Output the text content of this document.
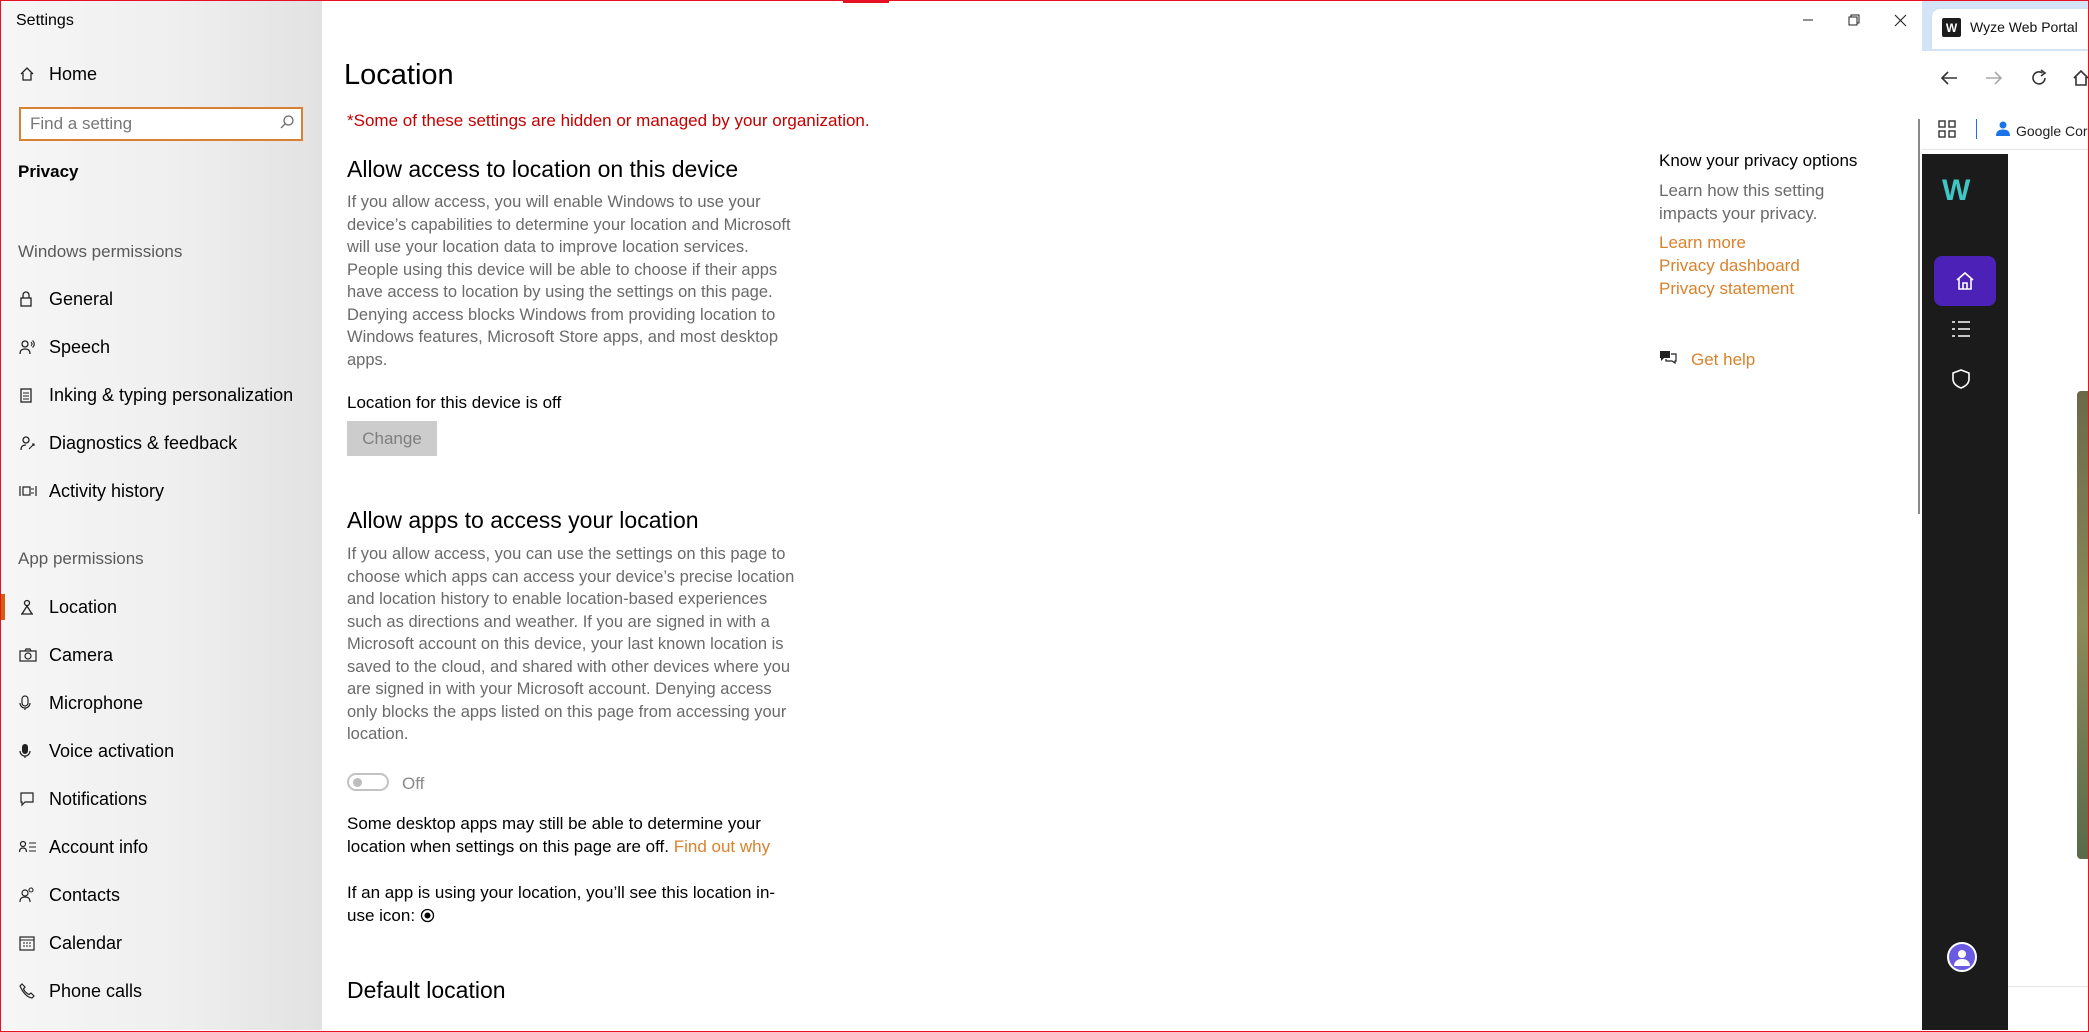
Settings
Home
Find a setting
Privacy
Windows permissions
General
Speech
Inking & typing personalization
Diagnostics & feedback
Activity history
App permissions
Location
Camera
Microphone
Voice activation
Notifications
Account info
Contacts
Calendar
Phone calls
Location
*Some of these settings are hidden or managed by your organization.
Allow access to location on this device
If you allow access, you will enable Windows to use your device’s capabilities to determine your location and Microsoft will use your location data to improve location services. People using this device will be able to choose if their apps have access to location by using the settings on this page. Denying access blocks Windows from providing location to Windows features, Microsoft Store apps, and most desktop apps.
Location for this device is off
Change
Allow apps to access your location
If you allow access, you can use the settings on this page to choose which apps can access your device’s precise location and location history to enable location-based experiences such as directions and weather. If you are signed in with a Microsoft account on this device, your last known location is saved to the cloud, and shared with other devices where you are signed in with your Microsoft account. Denying access only blocks the apps listed on this page from accessing your location.
Off
Some desktop apps may still be able to determine your location when settings on this page are off. Find out why
If an app is using your location, you’ll see this location in-use icon:
Default location
Know your privacy options
Learn how this setting impacts your privacy.
Learn more
Privacy dashboard
Privacy statement
Get help
W Wyze Web Portal
Google Cor
W
